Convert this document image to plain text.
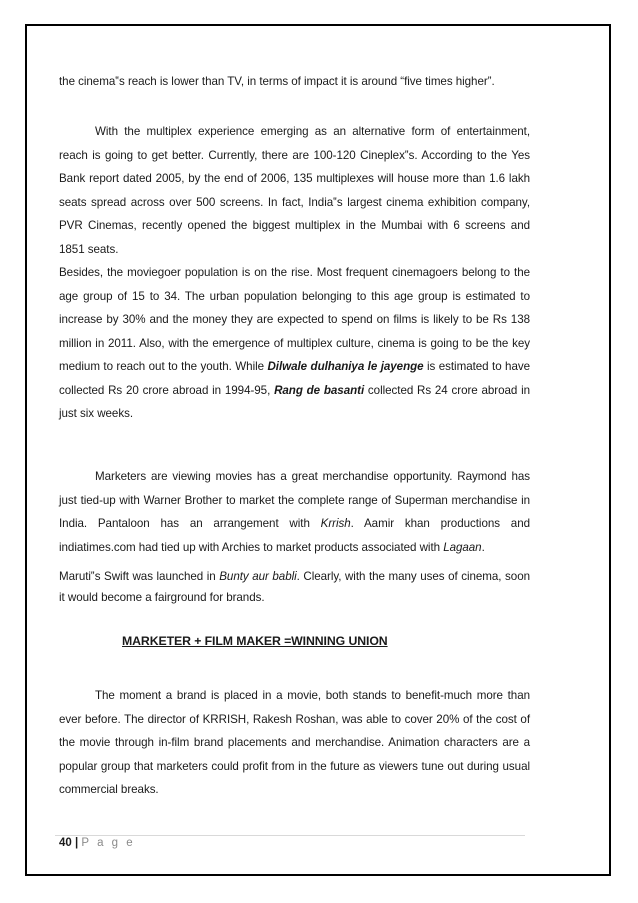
the cinema‟s reach is lower than TV, in terms of impact it is around “five times higher”.

With the multiplex experience emerging as an alternative form of entertainment, reach is going to get better. Currently, there are 100-120 Cineplex‟s. According to the Yes Bank report dated 2005, by the end of 2006, 135 multiplexes will house more than 1.6 lakh seats spread across over 500 screens. In fact, India‟s largest cinema exhibition company, PVR Cinemas, recently opened the biggest multiplex in the Mumbai with 6 screens and 1851 seats.

Besides, the moviegoer population is on the rise. Most frequent cinemagoers belong to the age group of 15 to 34. The urban population belonging to this age group is estimated to increase by 30% and the money they are expected to spend on films is likely to be Rs 138 million in 2011. Also, with the emergence of multiplex culture, cinema is going to be the key medium to reach out to the youth. While Dilwale dulhaniya le jayenge is estimated to have collected Rs 20 crore abroad in 1994-95, Rang de basanti collected Rs 24 crore abroad in just six weeks.

Marketers are viewing movies has a great merchandise opportunity. Raymond has just tied-up with Warner Brother to market the complete range of Superman merchandise in India. Pantaloon has an arrangement with Krrish. Aamir khan productions and indiatimes.com had tied up with Archies to market products associated with Lagaan.

Maruti‟s Swift was launched in Bunty aur babli. Clearly, with the many uses of cinema, soon it would become a fairground for brands.

MARKETER + FILM MAKER =WINNING UNION

The moment a brand is placed in a movie, both stands to benefit-much more than ever before. The director of KRRISH, Rakesh Roshan, was able to cover 20% of the cost of the movie through in-film brand placements and merchandise. Animation characters are a popular group that marketers could profit from in the future as viewers tune out during usual commercial breaks.

40 | P a g e
